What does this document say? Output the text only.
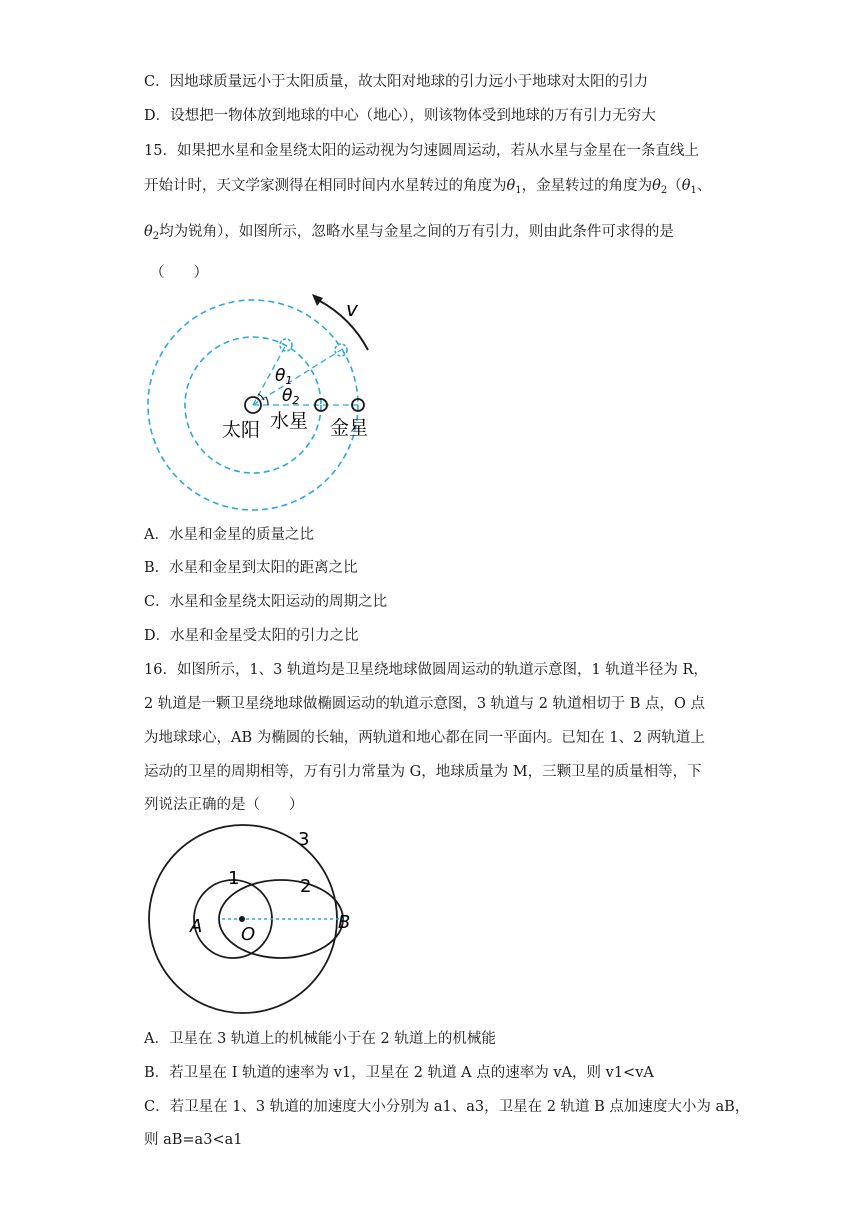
C．因地球质量远小于太阳质量，故太阳对地球的引力远小于地球对太阳的引力
D．设想把一物体放到地球的中心（地心），则该物体受到地球的万有引力无穷大
15．如果把水星和金星绕太阳的运动视为匀速圆周运动，若从水星与金星在一条直线上
开始计时，天文学家测得在相同时间内水星转过的角度为$\theta_1$，金星转过的角度为$\theta_2(\theta_1$、
$\theta_2$均为锐角），如图所示，忽略水星与金星之间的万有引力，则由此条件可求得的是
（　　）
v
θ1
θ2
太阳 水星 金星
A．水星和金星的质量之比
B．水星和金星到太阳的距离之比
C．水星和金星绕太阳运动的周期之比
D．水星和金星受太阳的引力之比
16．如图所示，1、3 轨道均是卫星绕地球做圆周运动的轨道示意图，1 轨道半径为 R，
2 轨道是一颗卫星绕地球做椭圆运动的轨道示意图，3 轨道与 2 轨道相切于 B 点，O 点
为地球球心，AB 为椭圆的长轴，两轨道和地心都在同一平面内。已知在 1、2 两轨道上
运动的卫星的周期相等，万有引力常量为 G，地球质量为 M，三颗卫星的质量相等，下
列说法正确的是（　　）
3
1	2
A O
B
A．卫星在 3 轨道上的机械能小于在 2 轨道上的机械能
B．若卫星在 I 轨道的速率为 v1，卫星在 2 轨道 A 点的速率为 vA，则 v1<vA
C．若卫星在 1、3 轨道的加速度大小分别为 a1、a3，卫星在 2 轨道 B 点加速度大小为 aB，
则 aB=a3<a1
